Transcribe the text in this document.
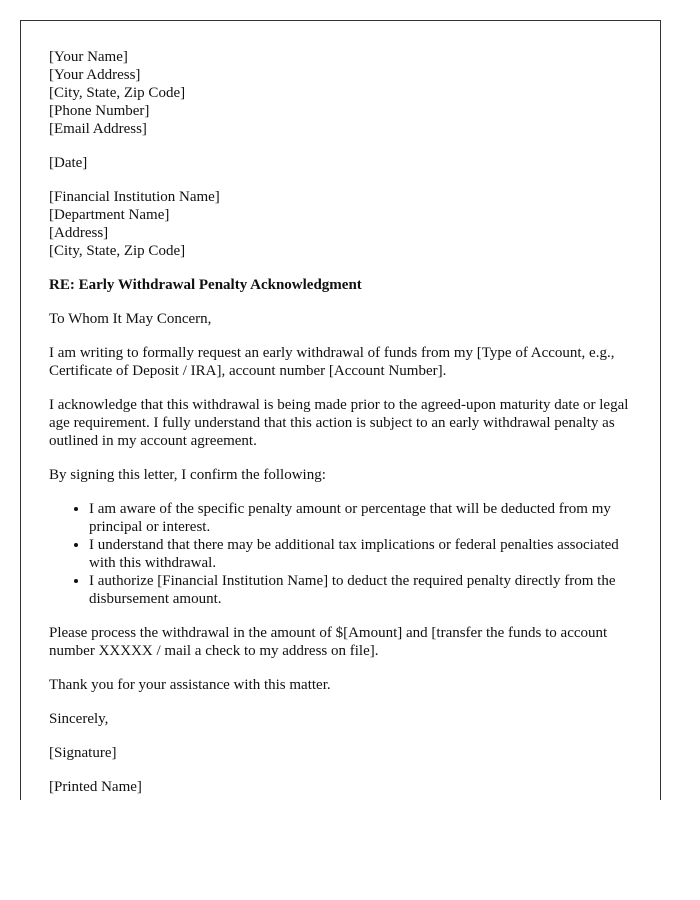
[Your Name]
[Your Address]
[City, State, Zip Code]
[Phone Number]
[Email Address]

[Date]

[Financial Institution Name]
[Department Name]
[Address]
[City, State, Zip Code]

RE: Early Withdrawal Penalty Acknowledgment

To Whom It May Concern,

I am writing to formally request an early withdrawal of funds from my [Type of Account, e.g., Certificate of Deposit / IRA], account number [Account Number].

I acknowledge that this withdrawal is being made prior to the agreed-upon maturity date or legal age requirement. I fully understand that this action is subject to an early withdrawal penalty as outlined in my account agreement.

By signing this letter, I confirm the following:

• I am aware of the specific penalty amount or percentage that will be deducted from my principal or interest.
• I understand that there may be additional tax implications or federal penalties associated with this withdrawal.
• I authorize [Financial Institution Name] to deduct the required penalty directly from the disbursement amount.

Please process the withdrawal in the amount of $[Amount] and [transfer the funds to account number XXXXX / mail a check to my address on file].

Thank you for your assistance with this matter.

Sincerely,

[Signature]

[Printed Name]
